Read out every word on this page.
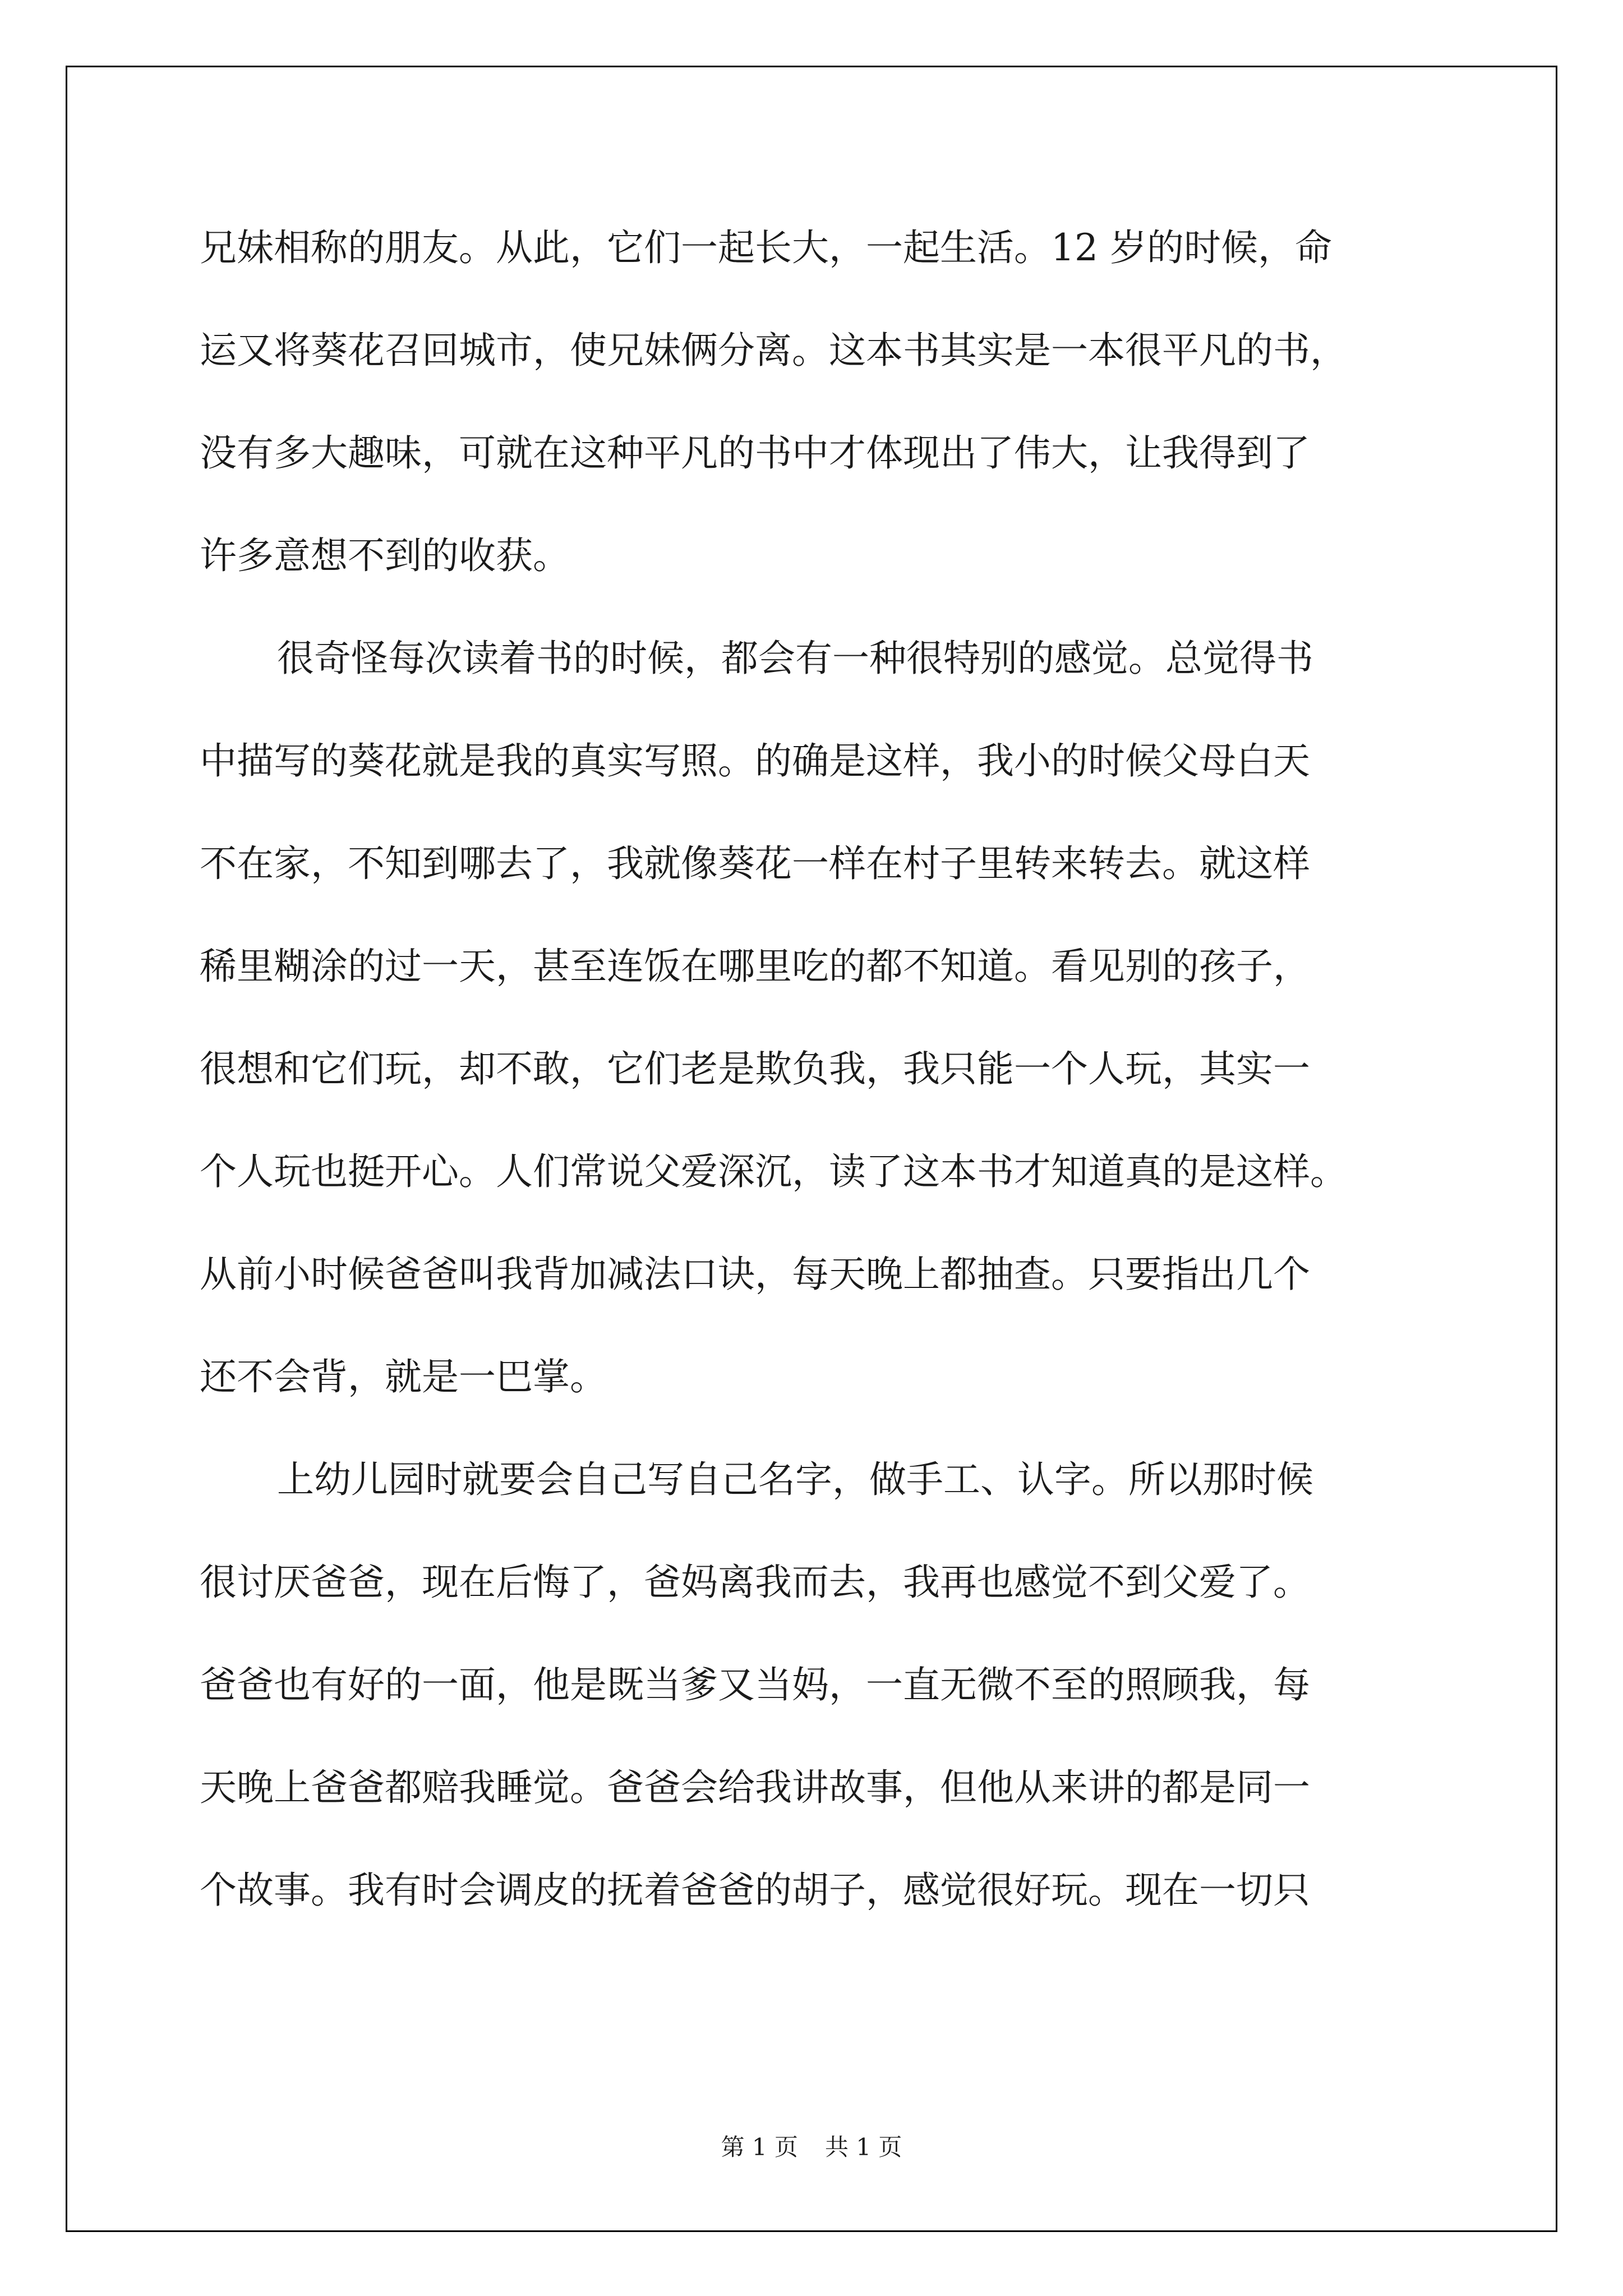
兄妹相称的朋友。从此，它们一起长大，一起生活。12 岁的时候，命
运又将葵花召回城市，使兄妹俩分离。这本书其实是一本很平凡的书，
没有多大趣味，可就在这种平凡的书中才体现出了伟大，让我得到了
许多意想不到的收获。
很奇怪每次读着书的时候，都会有一种很特别的感觉。总觉得书
中描写的葵花就是我的真实写照。的确是这样，我小的时候父母白天
不在家，不知到哪去了，我就像葵花一样在村子里转来转去。就这样
稀里糊涂的过一天，甚至连饭在哪里吃的都不知道。看见别的孩子，
很想和它们玩，却不敢，它们老是欺负我，我只能一个人玩，其实一
个人玩也挺开心。人们常说父爱深沉，读了这本书才知道真的是这样。
从前小时候爸爸叫我背加减法口诀，每天晚上都抽查。只要指出几个
还不会背，就是一巴掌。
上幼儿园时就要会自己写自己名字，做手工、认字。所以那时候
很讨厌爸爸，现在后悔了，爸妈离我而去，我再也感觉不到父爱了。
爸爸也有好的一面，他是既当爹又当妈，一直无微不至的照顾我，每
天晚上爸爸都赔我睡觉。爸爸会给我讲故事，但他从来讲的都是同一
个故事。我有时会调皮的抚着爸爸的胡子，感觉很好玩。现在一切只
第 1 页 共 1 页
